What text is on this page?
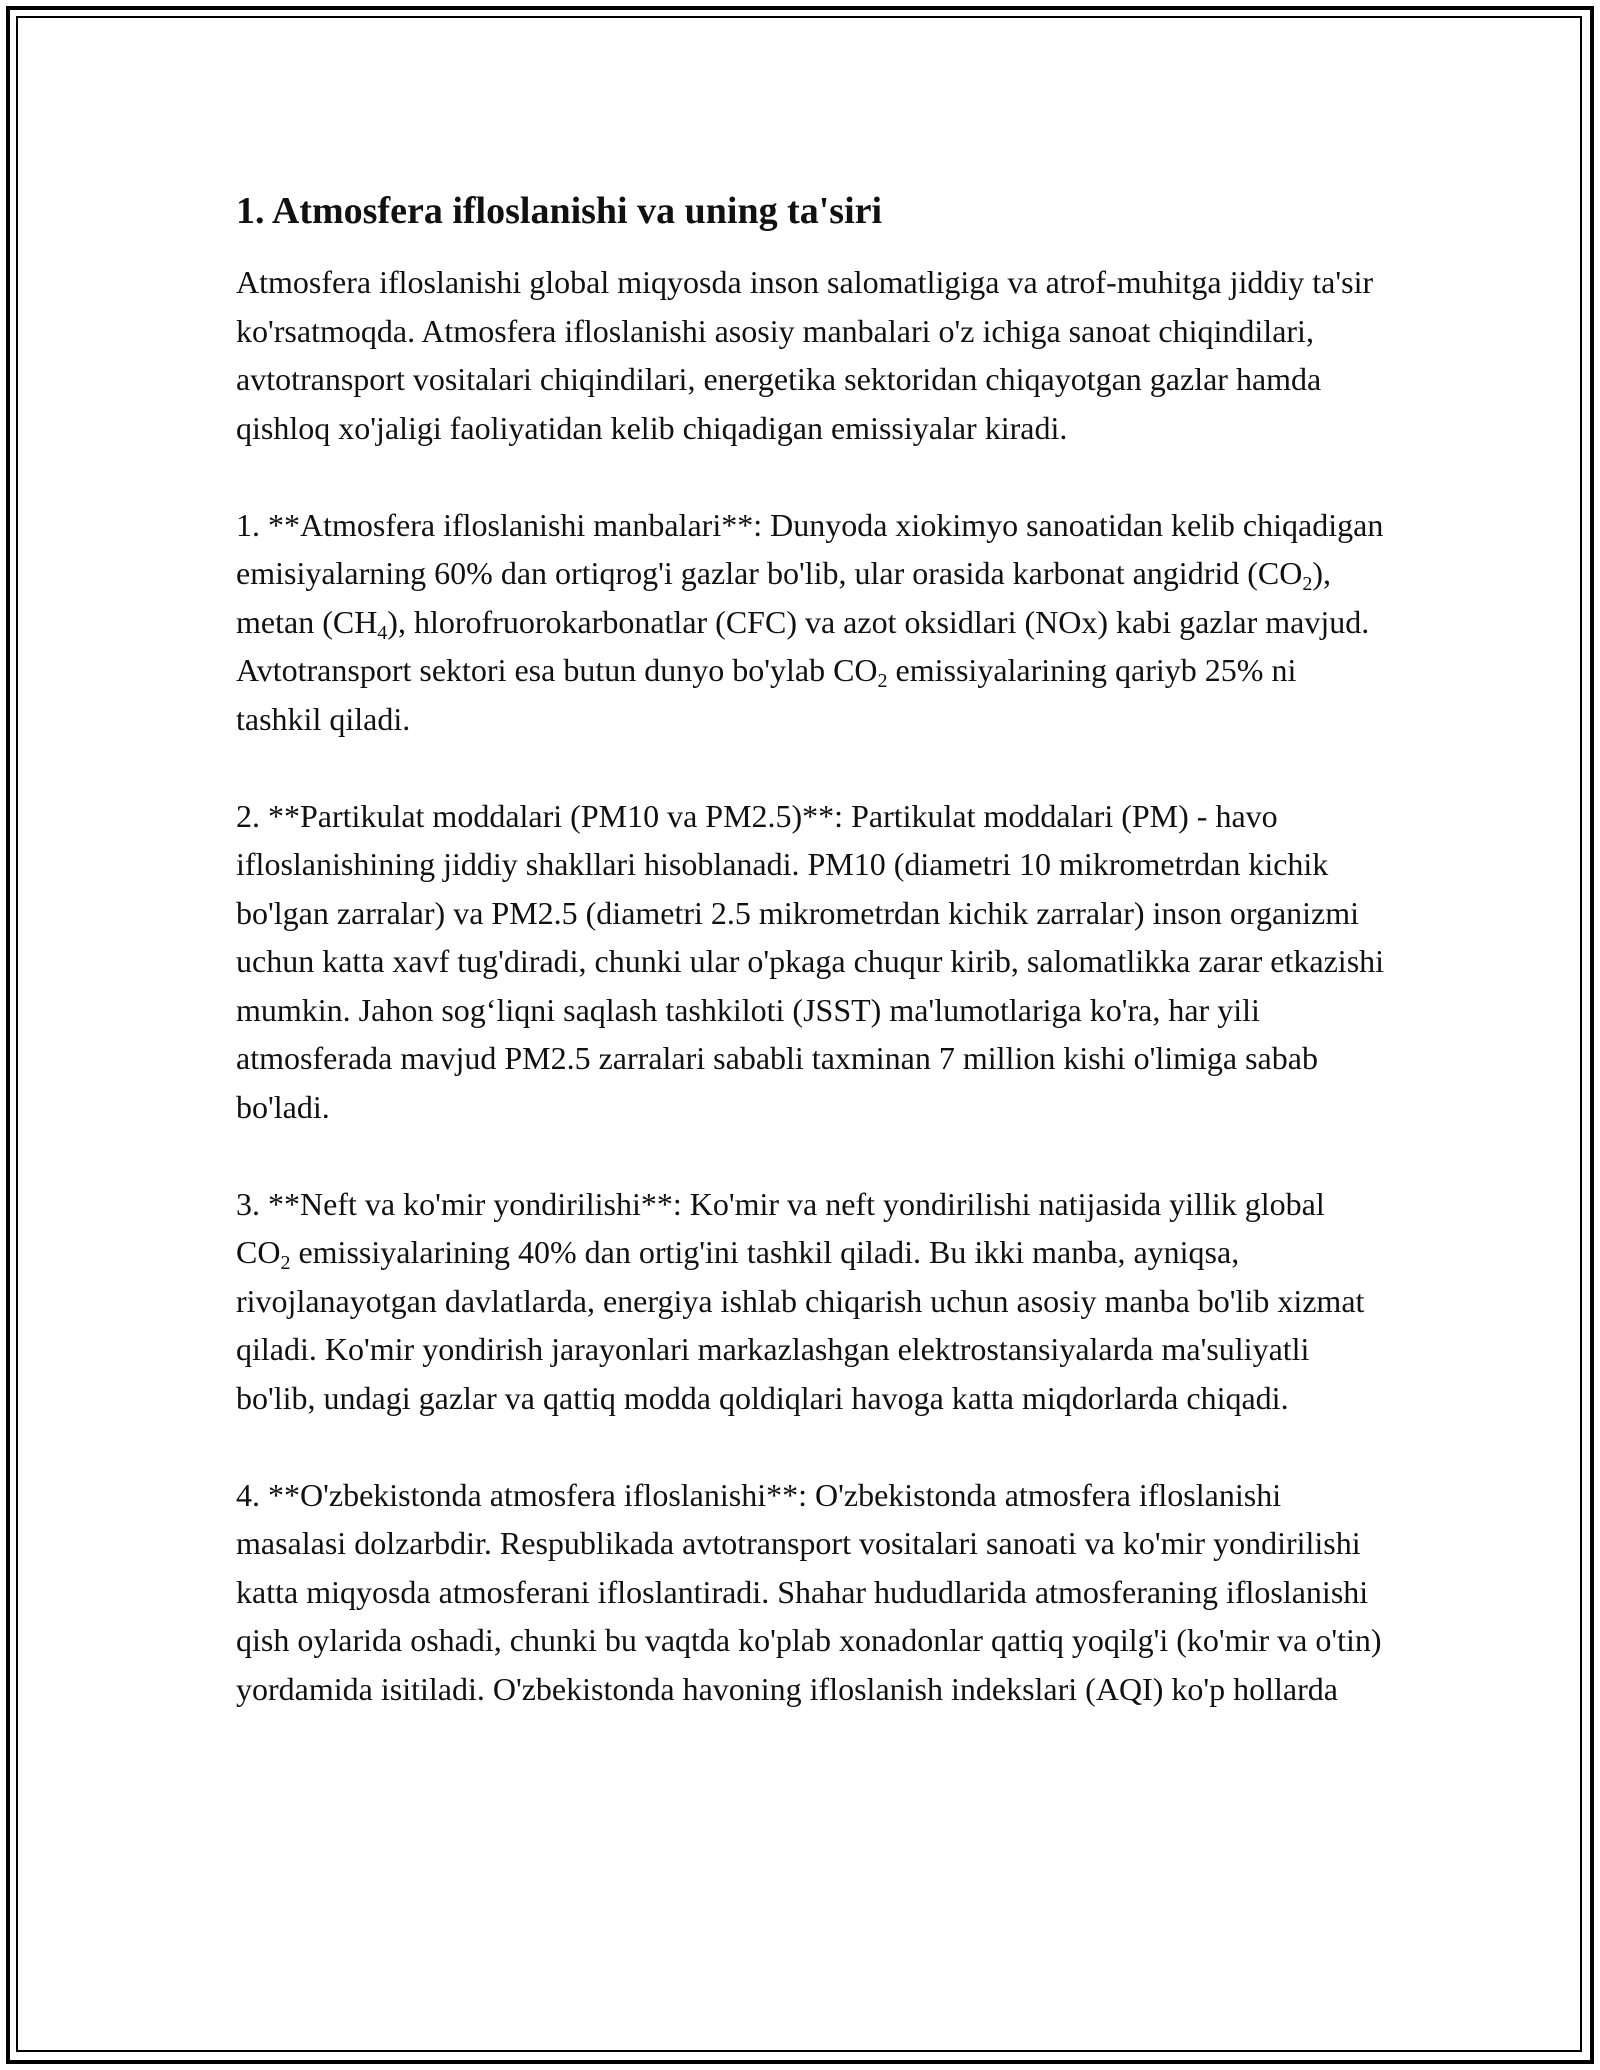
1. Atmosfera ifloslanishi va uning ta'siri

Atmosfera ifloslanishi global miqyosda inson salomatligiga va atrof-muhitga jiddiy ta'sir ko'rsatmoqda. Atmosfera ifloslanishi asosiy manbalari o'z ichiga sanoat chiqindilari, avtotransport vositalari chiqindilari, energetika sektoridan chiqayotgan gazlar hamda qishloq xo'jaligi faoliyatidan kelib chiqadigan emissiyalar kiradi.

1. **Atmosfera ifloslanishi manbalari**: Dunyoda xiokimyo sanoatidan kelib chiqadigan emisiyalarning 60% dan ortiqrog'i gazlar bo'lib, ular orasida karbonat angidrid $(CO_2)$, metan $(CH_4)$, hlorofruorokarbonatlar (CFC) va azot oksidlari (NOx) kabi gazlar mavjud. Avtotransport sektori esa butun dunyo bo'ylab $CO_2$ emissiyalarining qariyb 25% ni tashkil qiladi.

2. **Partikulat moddalari (PM10 va PM2.5)**: Partikulat moddalari (PM) - havo ifloslanishining jiddiy shakllari hisoblanadi. PM10 (diametri 10 mikrometrdan kichik bo'lgan zarralar) va PM2.5 (diametri 2.5 mikrometrdan kichik zarralar) inson organizmi uchun katta xavf tug'diradi, chunki ular o'pkaga chuqur kirib, salomatlikka zarar etkazishi mumkin. Jahon sog‘liqni saqlash tashkiloti (JSST) ma'lumotlariga ko'ra, har yili atmosferada mavjud PM2.5 zarralari sababli taxminan 7 million kishi o'limiga sabab bo'ladi.

3. **Neft va ko'mir yondirilishi**: Ko'mir va neft yondirilishi natijasida yillik global $CO_2$ emissiyalarining 40% dan ortig'ini tashkil qiladi. Bu ikki manba, ayniqsa, rivojlanayotgan davlatlarda, energiya ishlab chiqarish uchun asosiy manba bo'lib xizmat qiladi. Ko'mir yondirish jarayonlari markazlashgan elektrostansiyalarda ma'suliyatli bo'lib, undagi gazlar va qattiq modda qoldiqlari havoga katta miqdorlarda chiqadi.

4. **O'zbekistonda atmosfera ifloslanishi**: O'zbekistonda atmosfera ifloslanishi masalasi dolzarbdir. Respublikada avtotransport vositalari sanoati va ko'mir yondirilishi katta miqyosda atmosferani ifloslantiradi. Shahar hududlarida atmosferaning ifloslanishi qish oylarida oshadi, chunki bu vaqtda ko'plab xonadonlar qattiq yoqilg'i (ko'mir va o'tin) yordamida isitiladi. O'zbekistonda havoning ifloslanish indekslari (AQI) ko'p hollarda
